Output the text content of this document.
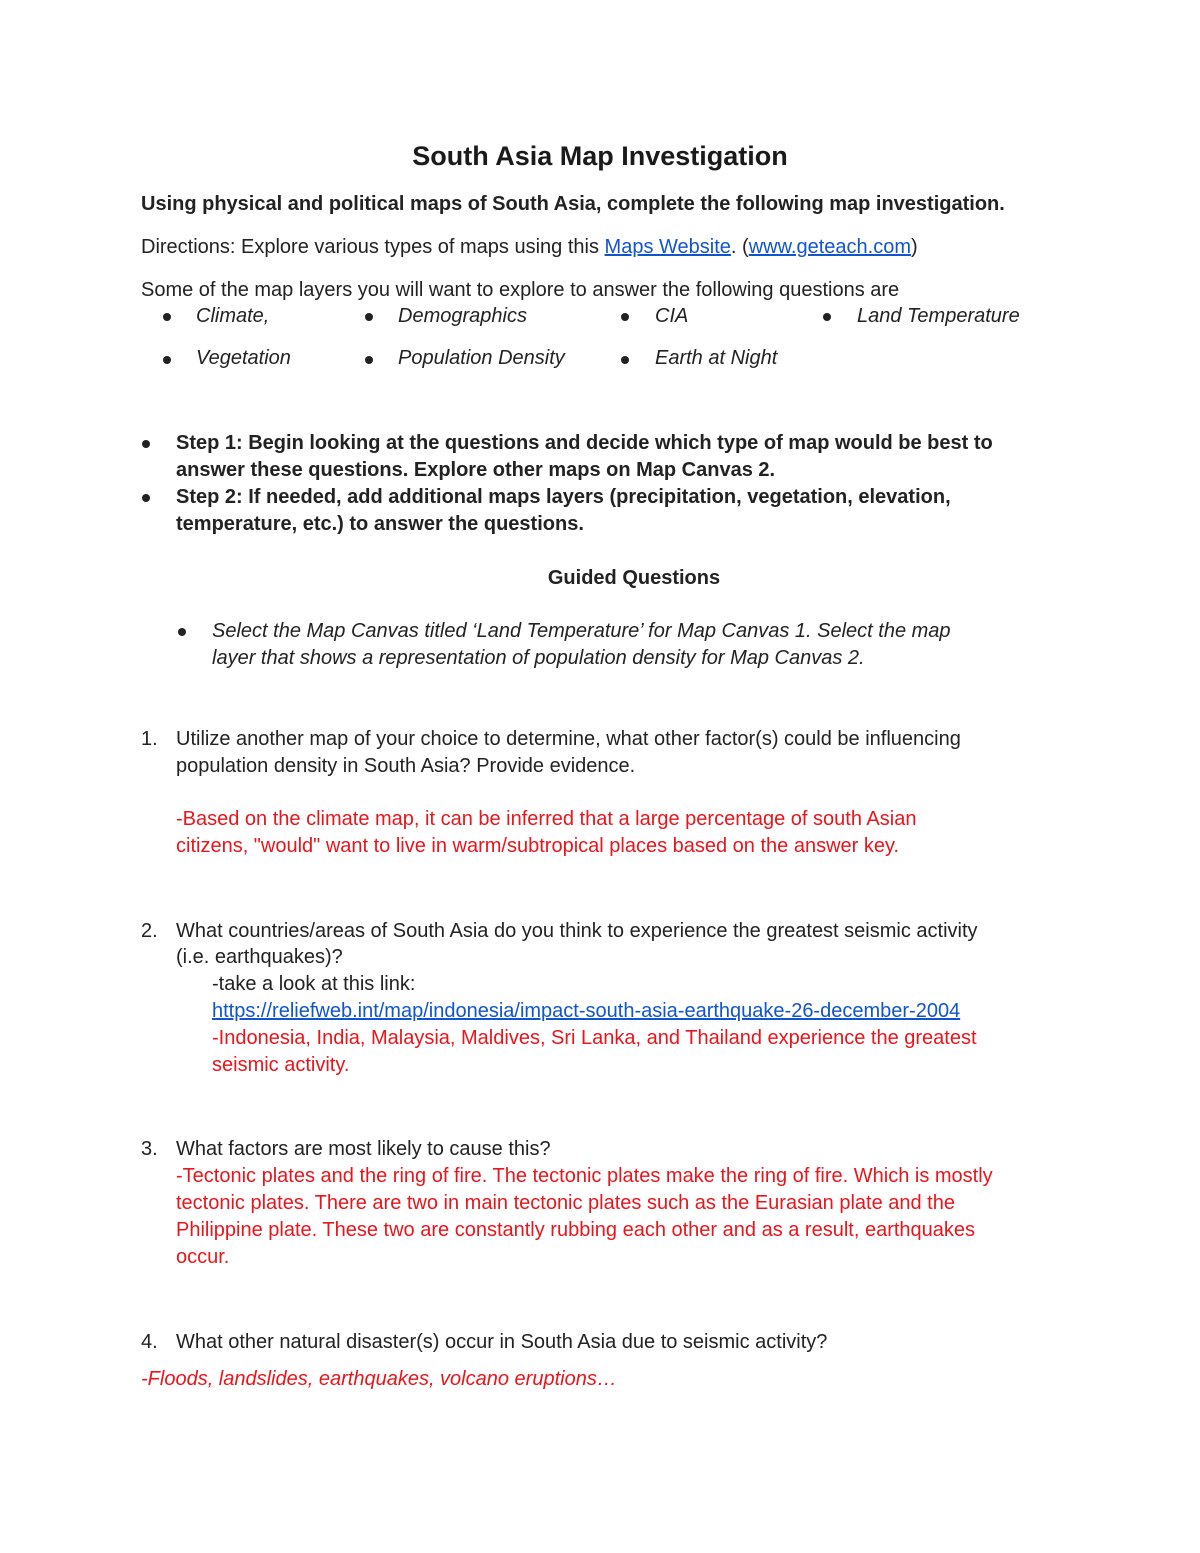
South Asia Map Investigation
Using physical and political maps of South Asia, complete the following map investigation.
Directions: Explore various types of maps using this Maps Website. (www.geteach.com)
Some of the map layers you will want to explore to answer the following questions are
Climate,	Demographics	CIA	Land Temperature
Vegetation	Population Density	Earth at Night
Step 1: Begin looking at the questions and decide which type of map would be best to
answer these questions. Explore other maps on Map Canvas 2.
Step 2: If needed, add additional maps layers (precipitation, vegetation, elevation,
temperature, etc.) to answer the questions.
Guided Questions
Select the Map Canvas titled ‘Land Temperature’ for Map Canvas 1. Select the map
layer that shows a representation of population density for Map Canvas 2.
1. Utilize another map of your choice to determine, what other factor(s) could be influencing
population density in South Asia? Provide evidence.
-Based on the climate map, it can be inferred that a large percentage of south Asian
citizens, "would" want to live in warm/subtropical places based on the answer key.
2. What countries/areas of South Asia do you think to experience the greatest seismic activity
(i.e. earthquakes)?
-take a look at this link:
https://reliefweb.int/map/indonesia/impact-south-asia-earthquake-26-december-2004
-Indonesia, India, Malaysia, Maldives, Sri Lanka, and Thailand experience the greatest
seismic activity.
3. What factors are most likely to cause this?
-Tectonic plates and the ring of fire. The tectonic plates make the ring of fire. Which is mostly
tectonic plates. There are two in main tectonic plates such as the Eurasian plate and the
Philippine plate. These two are constantly rubbing each other and as a result, earthquakes
occur.
4. What other natural disaster(s) occur in South Asia due to seismic activity?
-Floods, landslides, earthquakes, volcano eruptions…
